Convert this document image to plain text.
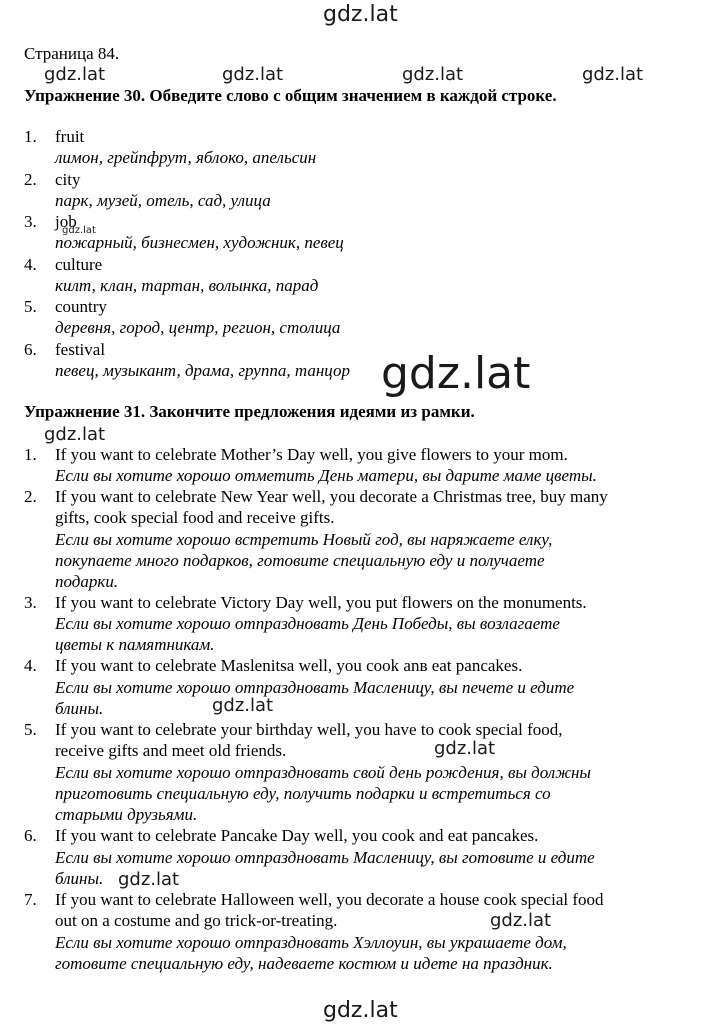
gdz.lat
gdz.lat	gdz.lat	gdz.lat	gdz.lat
gdz.lat
gdz.lat
gdz.lat
gdz.lat
gdz.lat
gdz.lat
gdz.lat
gdz.lat
Страница 84.
Упражнение 30. Обведите слово с общим значением в каждой строке.
1. fruit
лимон, грейпфрут, яблоко, апельсин
2. city
парк, музей, отель, сад, улица
3. job
пожарный, бизнесмен, художник, певец
4. culture
килт, клан, тартан, волынка, парад
5. country
деревня, город, центр, регион, столица
6. festival
певец, музыкант, драма, группа, танцор
Упражнение 31. Закончите предложения идеями из рамки.
1. If you want to celebrate Mother’s Day well, you give flowers to your mom.
Если вы хотите хорошо отметить День матери, вы дарите маме цветы.
2. If you want to celebrate New Year well, you decorate a Christmas tree, buy many
gifts, cook special food and receive gifts.
Если вы хотите хорошо встретить Новый год, вы наряжаете елку,
покупаете много подарков, готовите специальную еду и получаете
подарки.
3. If you want to celebrate Victory Day well, you put flowers on the monuments.
Если вы хотите хорошо отпраздновать День Победы, вы возлагаете
цветы к памятникам.
4. If you want to celebrate Maslenitsa well, you cook anв eat pancakes.
Если вы хотите хорошо отпраздновать Масленицу, вы печете и едите
блины.
5. If you want to celebrate your birthday well, you have to cook special food,
receive gifts and meet old friends.
Если вы хотите хорошо отпраздновать свой день рождения, вы должны
приготовить специальную еду, получить подарки и встретиться со
старыми друзьями.
6. If you want to celebrate Pancake Day well, you cook and eat pancakes.
Если вы хотите хорошо отпраздновать Масленицу, вы готовите и едите
блины.
7. If you want to celebrate Halloween well, you decorate a house cook special food
out on a costume and go trick-or-treating.
Если вы хотите хорошо отпраздновать Хэллоуин, вы украшаете дом,
готовите специальную еду, надеваете костюм и идете на праздник.
